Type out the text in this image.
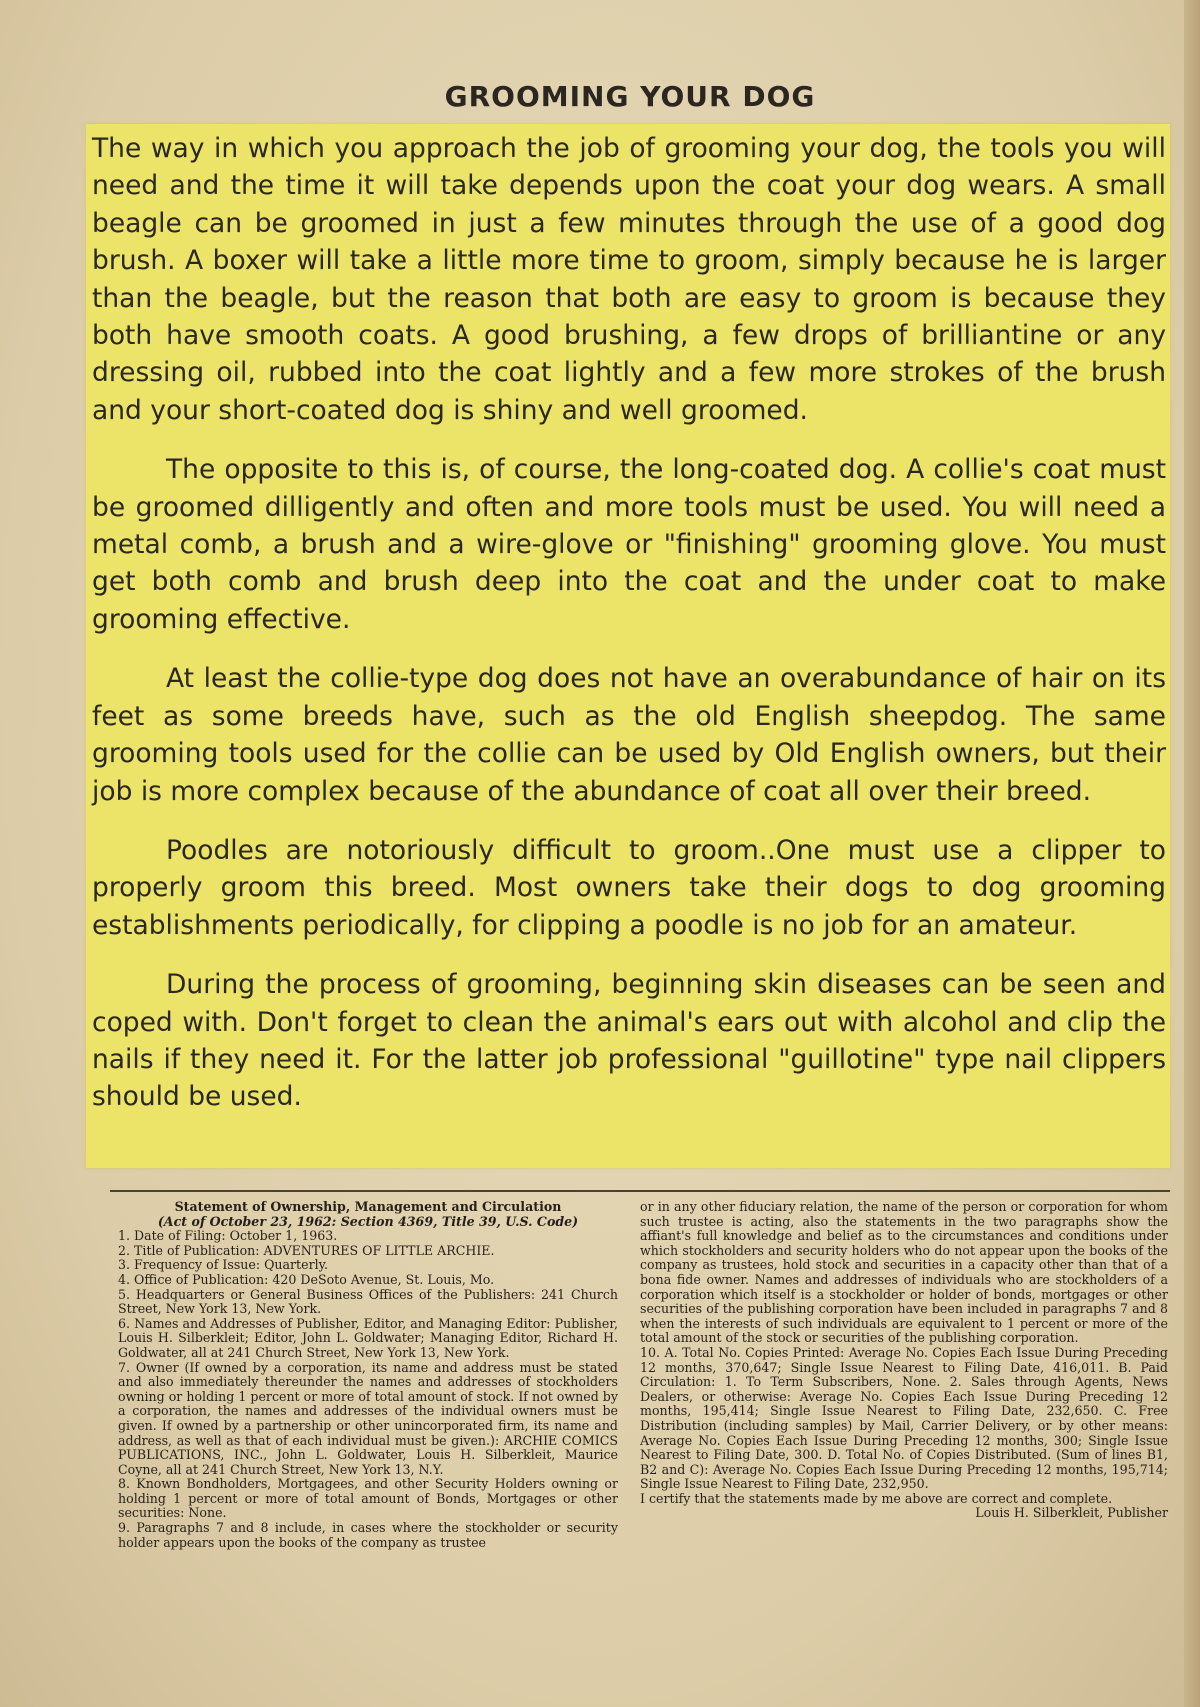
GROOMING YOUR DOG

The way in which you approach the job of grooming your dog, the tools you will need and the time it will take depends upon the coat your dog wears. A small beagle can be groomed in just a few minutes through the use of a good dog brush. A boxer will take a little more time to groom, simply because he is larger than the beagle, but the reason that both are easy to groom is because they both have smooth coats. A good brushing, a few drops of brilliantine or any dressing oil, rubbed into the coat lightly and a few more strokes of the brush and your short-coated dog is shiny and well groomed.

The opposite to this is, of course, the long-coated dog. A collie's coat must be groomed dilligently and often and more tools must be used. You will need a metal comb, a brush and a wire-glove or "finishing" grooming glove. You must get both comb and brush deep into the coat and the under coat to make grooming effective.

At least the collie-type dog does not have an overabundance of hair on its feet as some breeds have, such as the old English sheepdog. The same grooming tools used for the collie can be used by Old English owners, but their job is more complex because of the abundance of coat all over their breed.

Poodles are notoriously difficult to groom..One must use a clipper to properly groom this breed. Most owners take their dogs to dog grooming establishments periodically, for clipping a poodle is no job for an amateur.

During the process of grooming, beginning skin diseases can be seen and coped with. Don't forget to clean the animal's ears out with alcohol and clip the nails if they need it. For the latter job professional "guillotine" type nail clippers should be used.

Statement of Ownership, Management and Circulation

(Act of October 23, 1962: Section 4369, Title 39, U.S. Code)

1. Date of Filing: October 1, 1963.

2. Title of Publication: ADVENTURES OF LITTLE ARCHIE.

3. Frequency of Issue: Quarterly.

4. Office of Publication: 420 DeSoto Avenue, St. Louis, Mo.

5. Headquarters or General Business Offices of the Publishers: 241 Church Street, New York 13, New York.

6. Names and Addresses of Publisher, Editor, and Managing Editor: Publisher, Louis H. Silberkleit; Editor, John L. Goldwater; Managing Editor, Richard H. Goldwater, all at 241 Church Street, New York 13, New York.

7. Owner (If owned by a corporation, its name and address must be stated and also immediately thereunder the names and addresses of stockholders owning or holding 1 percent or more of total amount of stock. If not owned by a corporation, the names and addresses of the individual owners must be given. If owned by a partnership or other unincorporated firm, its name and address, as well as that of each individual must be given.): ARCHIE COMICS PUBLICATIONS, INC., John L. Goldwater, Louis H. Silberkleit, Maurice Coyne, all at 241 Church Street, New York 13, N.Y.

8. Known Bondholders, Mortgagees, and other Security Holders owning or holding 1 percent or more of total amount of Bonds, Mortgages or other securities: None.

9. Paragraphs 7 and 8 include, in cases where the stockholder or security holder appears upon the books of the company as trustee

or in any other fiduciary relation, the name of the person or corporation for whom such trustee is acting, also the statements in the two paragraphs show the affiant's full knowledge and belief as to the circumstances and conditions under which stockholders and security holders who do not appear upon the books of the company as trustees, hold stock and securities in a capacity other than that of a bona fide owner. Names and addresses of individuals who are stockholders of a corporation which itself is a stockholder or holder of bonds, mortgages or other securities of the publishing corporation have been included in paragraphs 7 and 8 when the interests of such individuals are equivalent to 1 percent or more of the total amount of the stock or securities of the publishing corporation.

10. A. Total No. Copies Printed: Average No. Copies Each Issue During Preceding 12 months, 370,647; Single Issue Nearest to Filing Date, 416,011. B. Paid Circulation: 1. To Term Subscribers, None. 2. Sales through Agents, News Dealers, or otherwise: Average No. Copies Each Issue During Preceding 12 months, 195,414; Single Issue Nearest to Filing Date, 232,650. C. Free Distribution (including samples) by Mail, Carrier Delivery, or by other means: Average No. Copies Each Issue During Preceding 12 months, 300; Single Issue Nearest to Filing Date, 300. D. Total No. of Copies Distributed. (Sum of lines B1, B2 and C): Average No. Copies Each Issue During Preceding 12 months, 195,714; Single Issue Nearest to Filing Date, 232,950.

I certify that the statements made by me above are correct and complete.

Louis H. Silberkleit, Publisher
